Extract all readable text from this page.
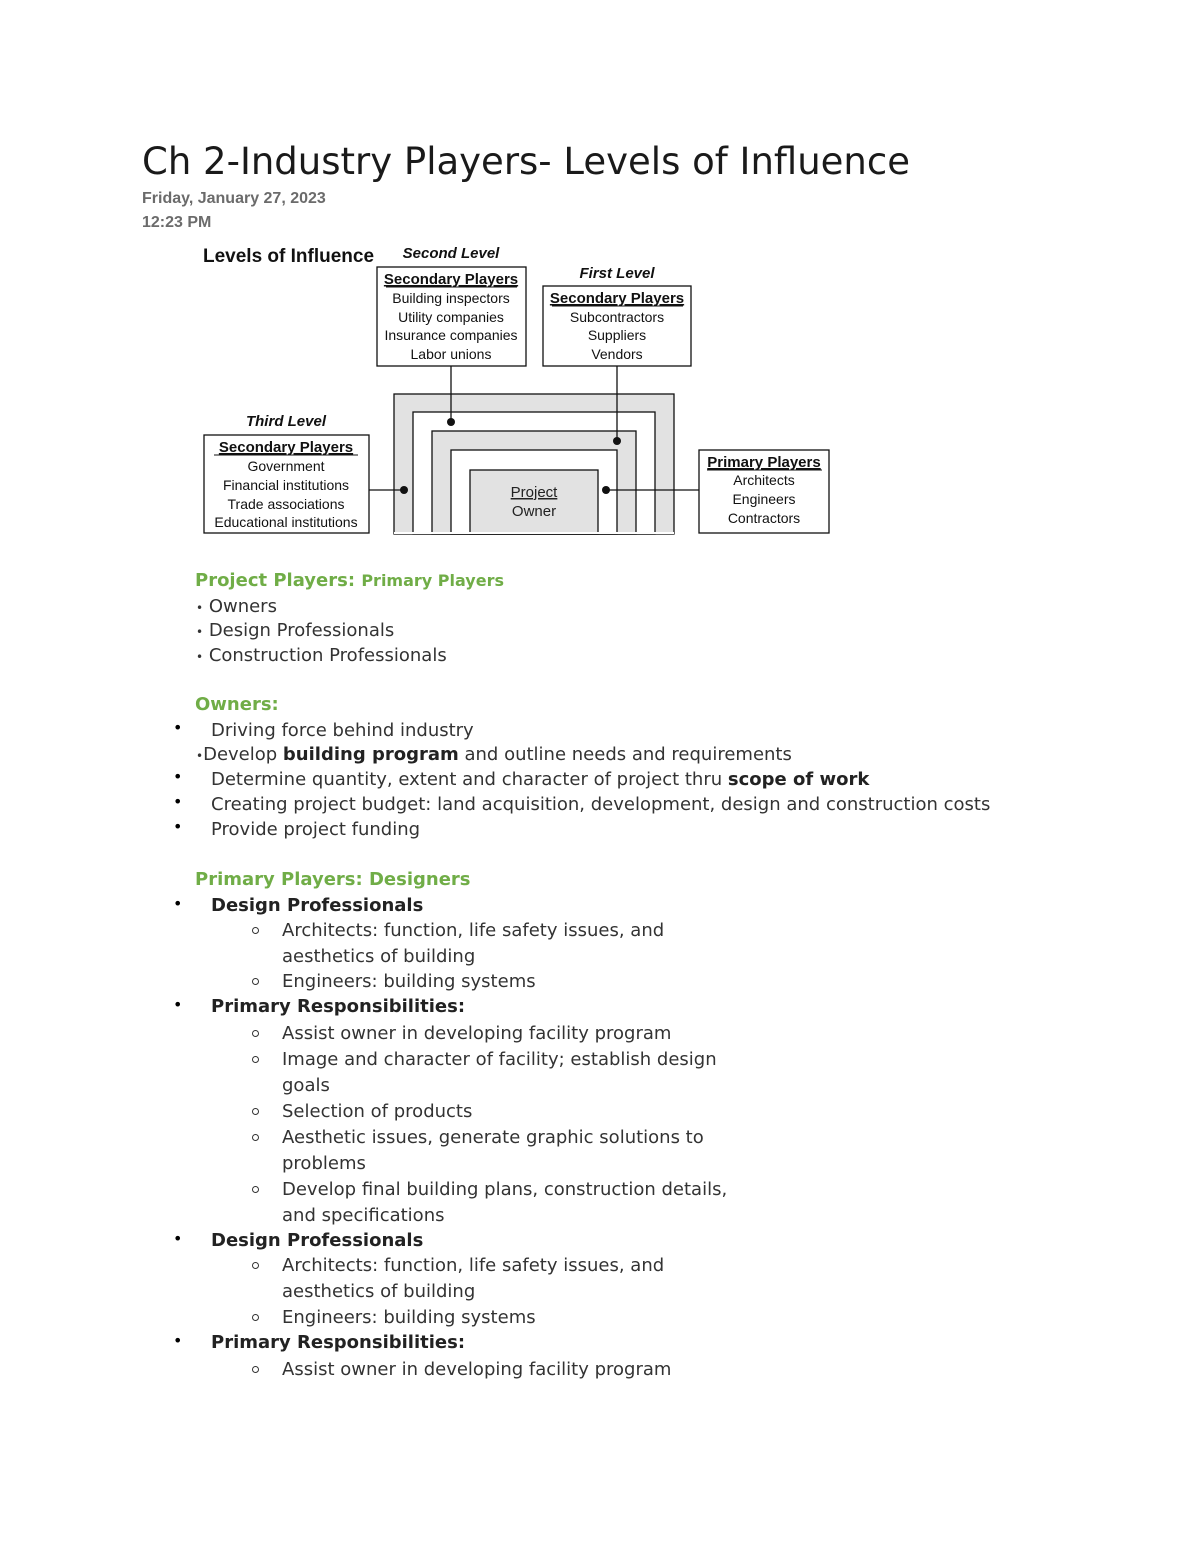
Ch 2-Industry Players- Levels of Influence
Friday, January 27, 2023
12:23 PM
Levels of Influence Second Level
Secondary Players
Building inspectors
Utility companies
Insurance companies
Labor unions
First Level
Secondary Players
Subcontractors
Suppliers
Vendors
Third Level
Secondary Players
Government
Financial institutions
Trade associations
Educational institutions
Project
Owner
Primary Players
Architects
Engineers
Contractors
Project Players: Primary Players
• Owners
• Design Professionals
• Construction Professionals
Owners:
• Driving force behind industry
•Develop building program and outline needs and requirements
• Determine quantity, extent and character of project thru scope of work
• Creating project budget: land acquisition, development, design and construction costs
• Provide project funding
Primary Players: Designers
• Design Professionals
Architects: function, life safety issues, and
aesthetics of building
Engineers: building systems
• Primary Responsibilities:
Assist owner in developing facility program
Image and character of facility; establish design
goals
Selection of products
Aesthetic issues, generate graphic solutions to
problems
Develop final building plans, construction details,
and specifications
• Design Professionals
Architects: function, life safety issues, and
aesthetics of building
Engineers: building systems
• Primary Responsibilities:
Assist owner in developing facility program
